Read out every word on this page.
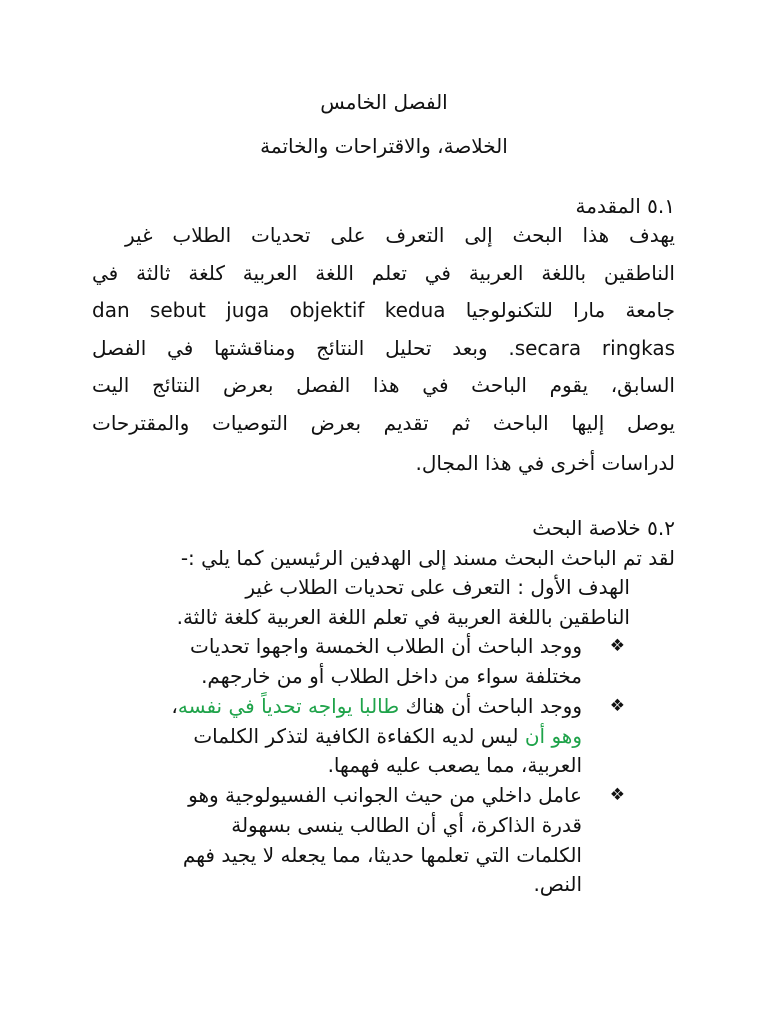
الفصل الخامس
الخلاصة، والاقتراحات والخاتمة
٥.١ المقدمة
يهدف هذا البحث إلى التعرف على تحديات الطلاب غير
الناطقين باللغة العربية في تعلم اللغة العربية كلغة ثالثة في
جامعة مارا للتكنولوجيا dan sebut juga objektif kedua
secara ringkas. وبعد تحليل النتائج ومناقشتها في الفصل
السابق، يقوم الباحث في هذا الفصل بعرض النتائج اليت
يوصل إليها الباحث ثم تقديم بعرض التوصيات والمقترحات
لدراسات أخرى في هذا المجال.
٥.٢ خلاصة البحث
لقد تم الباحث البحث مسند إلى الهدفين الرئيسين كما يلي :-
الهدف الأول : التعرف على تحديات الطلاب غير
الناطقين باللغة العربية في تعلم اللغة العربية كلغة ثالثة.
❖
ووجد الباحث أن الطلاب الخمسة واجهوا تحديات
مختلفة سواء من داخل الطلاب أو من خارجهم.
❖
ووجد الباحث أن هناك طالبا يواجه تحدياً في نفسه،
وهو أن ليس لديه الكفاءة الكافية لتذكر الكلمات
العربية، مما يصعب عليه فهمها.
❖
عامل داخلي من حيث الجوانب الفسيولوجية وهو
قدرة الذاكرة، أي أن الطالب ينسى بسهولة
الكلمات التي تعلمها حديثا، مما يجعله لا يجيد فهم
النص.
